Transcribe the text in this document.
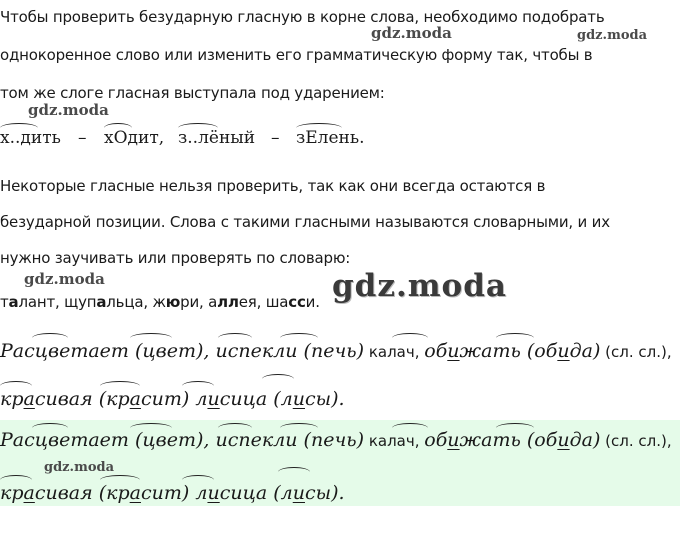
Чтобы проверить безударную гласную в корне слова, необходимо подобрать
однокоренное слово или изменить его грамматическую форму так, чтобы в
том же слоге гласная выступала под ударением:
gdz.moda	gdz.moda
gdz.moda
х..дить – хОдит, з..лёный – зЕлень.
Некоторые гласные нельзя проверить, так как они всегда остаются в
безударной позиции. Слова с такими гласными называются словарными, и их
нужно заучивать или проверять по словарю:
gdz.moda	gdz.moda
талант, щупальца, жюри, аллея, шасси.
Расцветает (цвет), испекли (печь) калач, обижать (обида) (сл. сл.),
красивая (красит) лисица (лисы).
Расцветает (цвет), испекли (печь) калач, обижать (обида) (сл. сл.),
gdz.moda
красивая (красит) лисица (лисы).
